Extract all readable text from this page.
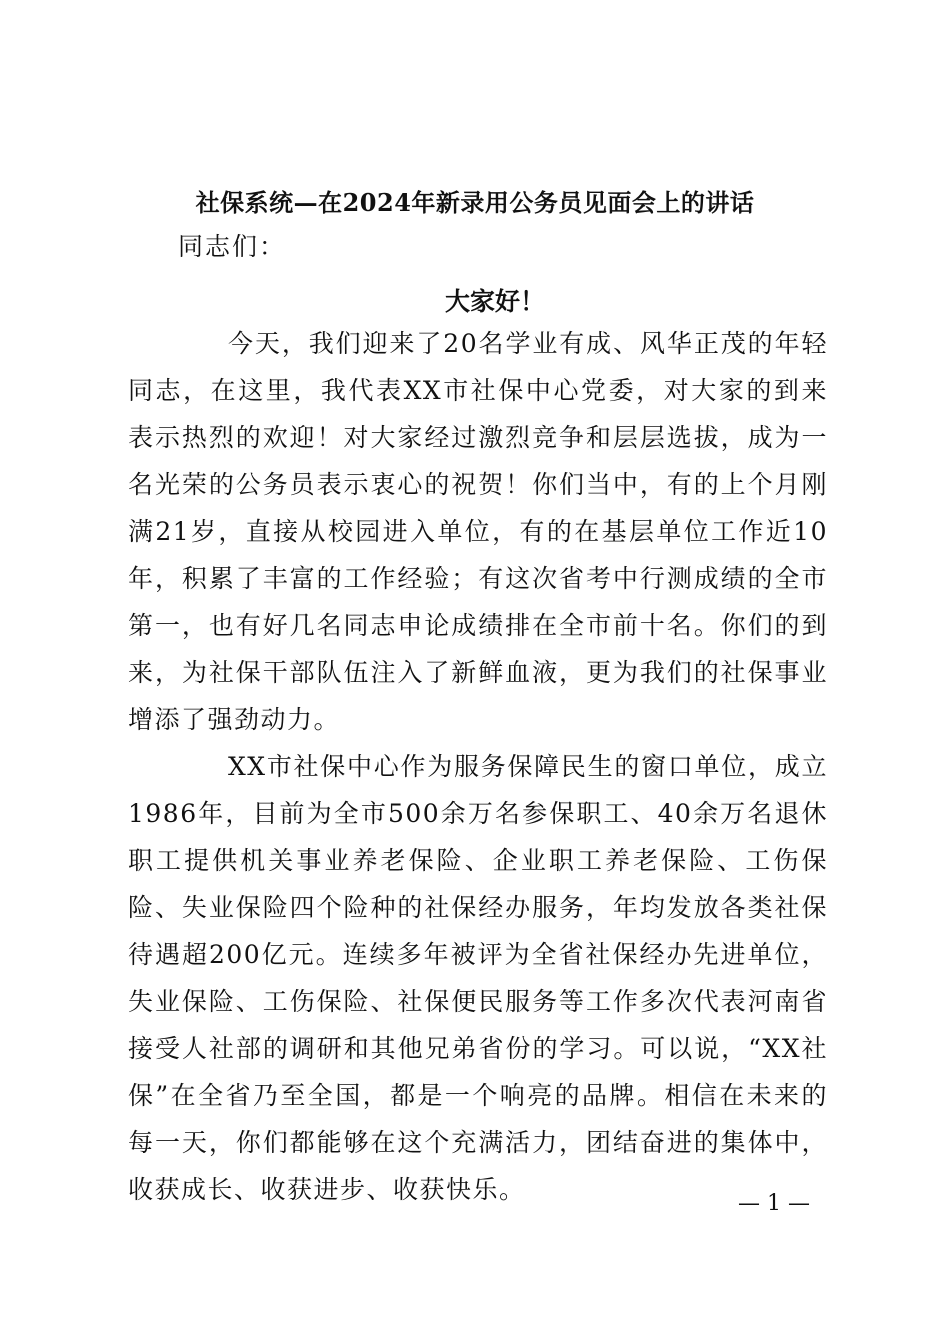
社保系统—在2024年新录用公务员见面会上的讲话
同志们：
大家好！

今天，我们迎来了20名学业有成、风华正茂的年轻同志，在这里，我代表XX市社保中心党委，对大家的到来表示热烈的欢迎！对大家经过激烈竞争和层层选拔，成为一名光荣的公务员表示衷心的祝贺！你们当中，有的上个月刚满21岁，直接从校园进入单位，有的在基层单位工作近10年，积累了丰富的工作经验；有这次省考中行测成绩的全市第一，也有好几名同志申论成绩排在全市前十名。你们的到来，为社保干部队伍注入了新鲜血液，更为我们的社保事业增添了强劲动力。

XX市社保中心作为服务保障民生的窗口单位，成立1986年，目前为全市500余万名参保职工、40余万名退休职工提供机关事业养老保险、企业职工养老保险、工伤保险、失业保险四个险种的社保经办服务，年均发放各类社保待遇超200亿元。连续多年被评为全省社保经办先进单位，失业保险、工伤保险、社保便民服务等工作多次代表河南省接受人社部的调研和其他兄弟省份的学习。可以说，“XX社保”在全省乃至全国，都是一个响亮的品牌。相信在未来的每一天，你们都能够在这个充满活力，团结奋进的集体中，收获成长、收获进步、收获快乐。	— 1 —
